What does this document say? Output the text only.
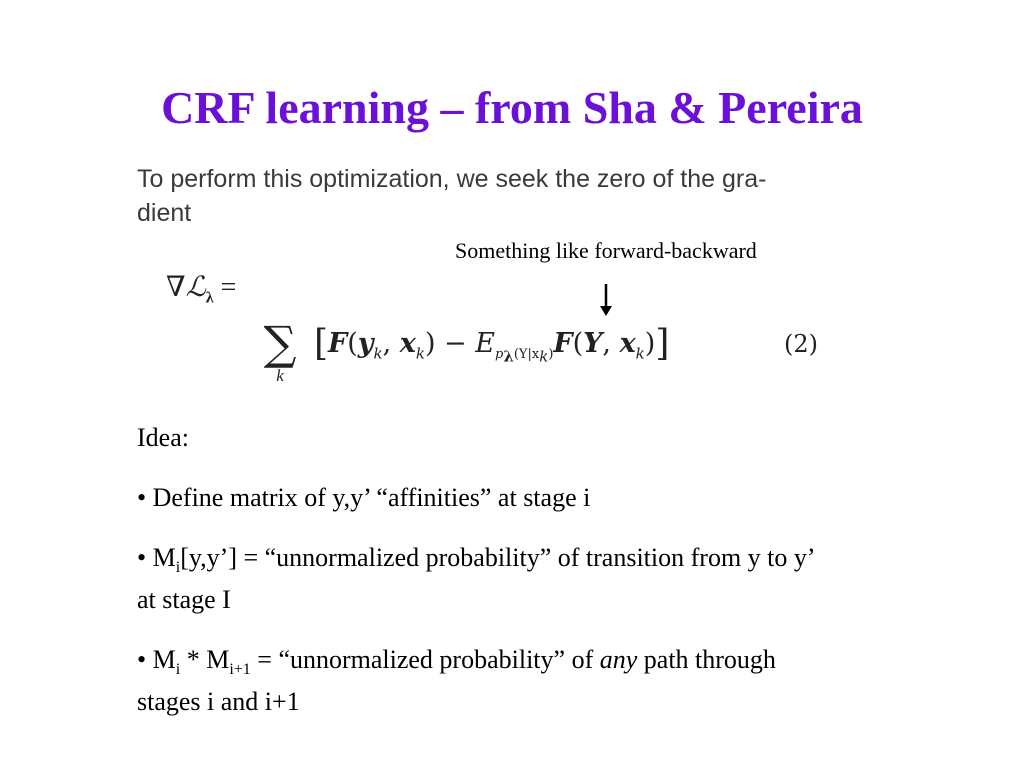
CRF learning – from Sha & Pereira
To perform this optimization, we seek the zero of the gra-
dient
Something like forward-backward
∇ℒ$_\lambda$ =
∑
k
[$F(y_k$, $x_k) - E_{p_\lambda(Y|x_k)}F(Y$, $x_k$)]	(2)
Idea:
• Define matrix of y,y’ “affinities” at stage i
• $M_i[y,y’]$ = “unnormalized probability” of transition from y to y’ at stage I
• $M_i * M_{i+1}$ = “unnormalized probability” of any path through stages i and i+1
